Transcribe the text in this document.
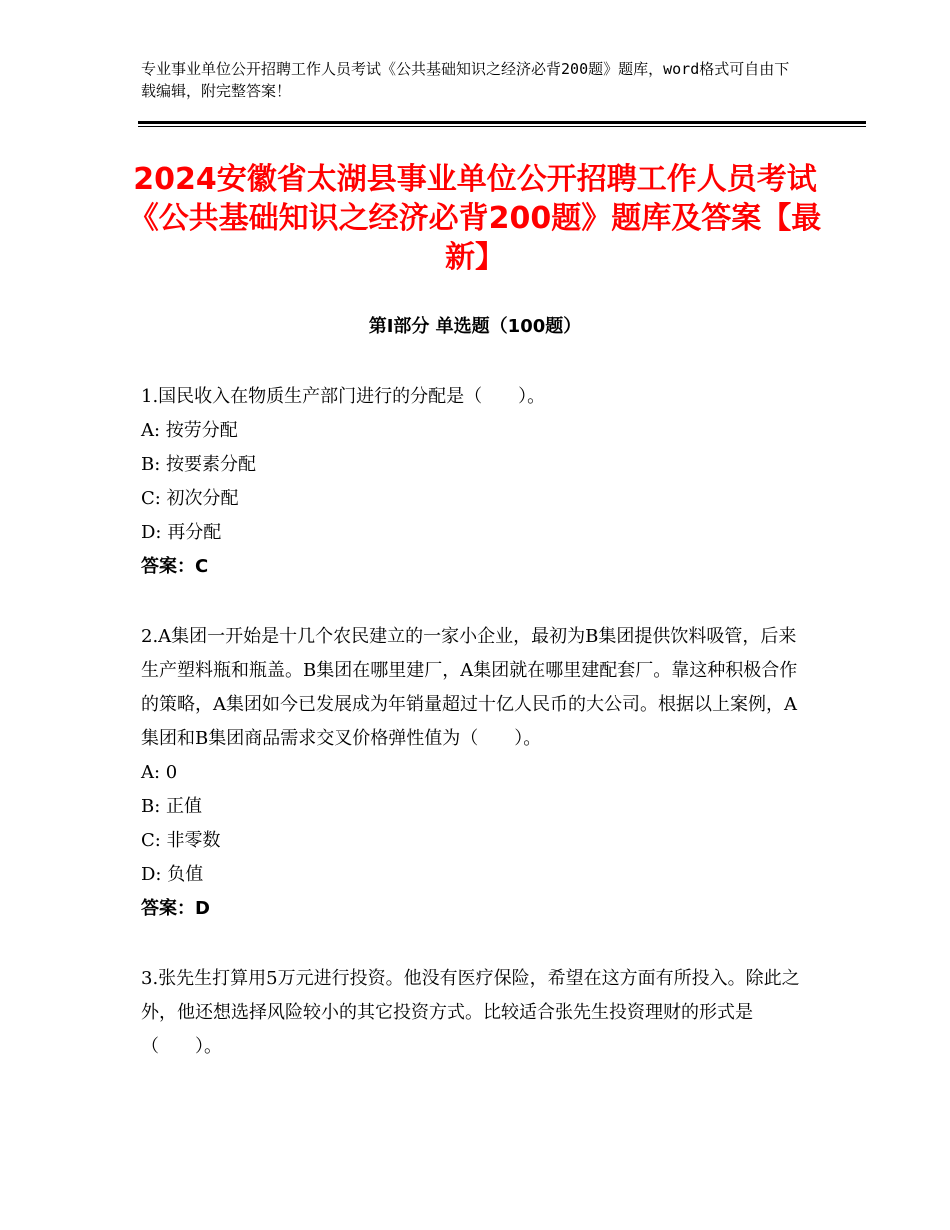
专业事业单位公开招聘工作人员考试《公共基础知识之经济必背200题》题库，word格式可自由下载编辑，附完整答案！
2024安徽省太湖县事业单位公开招聘工作人员考试《公共基础知识之经济必背200题》题库及答案【最新】
第Ⅰ部分 单选题（100题）

1.国民收入在物质生产部门进行的分配是（　　）。

A: 按劳分配

B: 按要素分配

C: 初次分配

D: 再分配

答案：C

2.A集团一开始是十几个农民建立的一家小企业，最初为B集团提供饮料吸管，后来生产塑料瓶和瓶盖。B集团在哪里建厂，A集团就在哪里建配套厂。靠这种积极合作的策略，A集团如今已发展成为年销量超过十亿人民币的大公司。根据以上案例，A集团和B集团商品需求交叉价格弹性值为（　　）。

A: 0

B: 正值

C: 非零数

D: 负值

答案：D

3.张先生打算用5万元进行投资。他没有医疗保险，希望在这方面有所投入。除此之外，他还想选择风险较小的其它投资方式。比较适合张先生投资理财的形式是（　　）。
